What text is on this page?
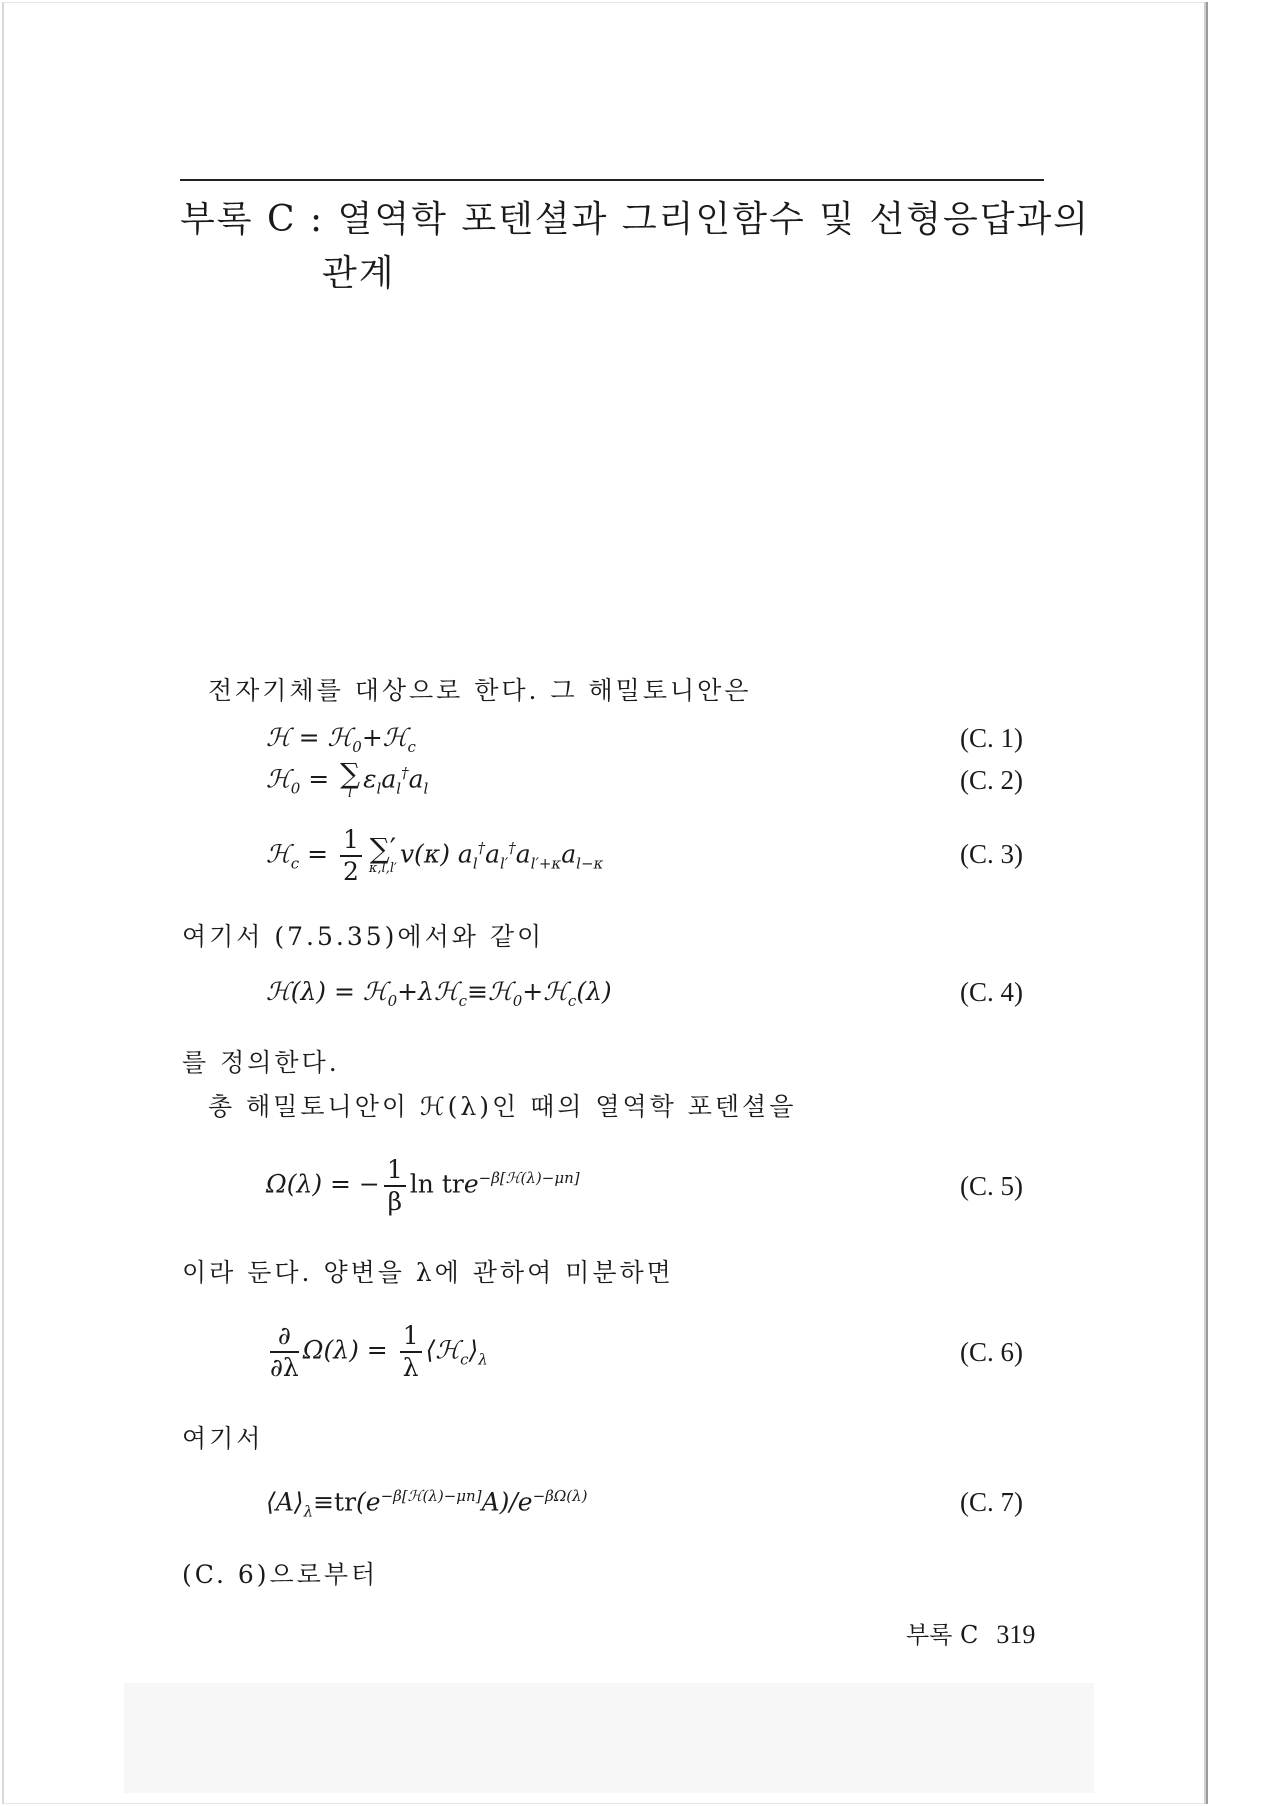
부록 C : 열역학 포텐셜과 그리인함수 및 선형응답과의
관계
전자기체를 대상으로 한다. 그 해밀토니안은
ℋ = ℋ$_0$+ℋ$_c$	(C. 1)
ℋ$_0$ = ∑
l $\varepsilon_la_l^\dagger a_l$	(C. 2)
ℋ$_c$ = $\frac{1}{2}$ ∑′
κ,l,l′ v(κ) $a_l^\dagger a_{l'}^\dagger a_{l'+\kappa}a_{l-\kappa}$	(C. 3)
여기서 (7.5.35)에서와 같이
ℋ(λ) = ℋ$_0$+λℋ$_c$≡ℋ$_0$+ℋ$_c$(λ)	(C. 4)
를 정의한다.
총 해밀토니안이 ℋ(λ)인 때의 열역학 포텐셜을
Ω(λ) = − $\frac{1}{\beta}$ ln tre$^{-\beta[ℋ(\lambda)-\mu n]}$	(C. 5)
이라 둔다. 양변을 λ에 관하여 미분하면
$\frac{\partial}{\partial\lambda} \Omega(\lambda) = \frac{1}{\lambda}$ $⟨ℋ_c⟩_\lambda$	(C. 6)
여기서
$⟨A⟩_\lambda\equiv tr(e^{-\beta[ℋ(\lambda)-\mu n]}A)/e^{-\beta\Omega(\lambda)}$	(C. 7)
(C. 6)으로부터
부록 C 319
